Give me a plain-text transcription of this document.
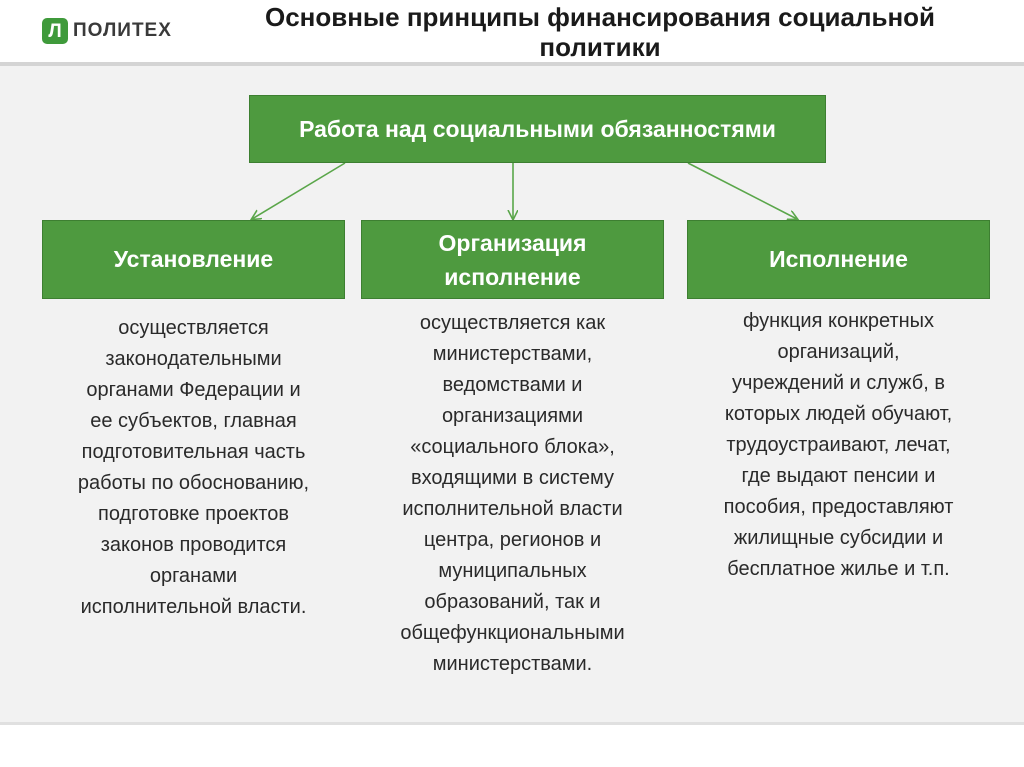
Л ПОЛИТЕХ	Основные принципы финансирования социальной политики
Работа над социальными обязанностями
Установление
Организация
исполнение
Исполнение
осуществляется
законодательными
органами Федерации и
ее субъектов, главная
подготовительная часть
работы по обоснованию,
подготовке проектов
законов проводится
органами
исполнительной власти.
осуществляется как
министерствами,
ведомствами и
организациями
«социального блока»,
входящими в систему
исполнительной власти
центра, регионов и
муниципальных
образований, так и
общефункциональными
министерствами.
функция конкретных
организаций,
учреждений и служб, в
которых людей обучают,
трудоустраивают, лечат,
где выдают пенсии и
пособия, предоставляют
жилищные субсидии и
бесплатное жилье и т.п.
